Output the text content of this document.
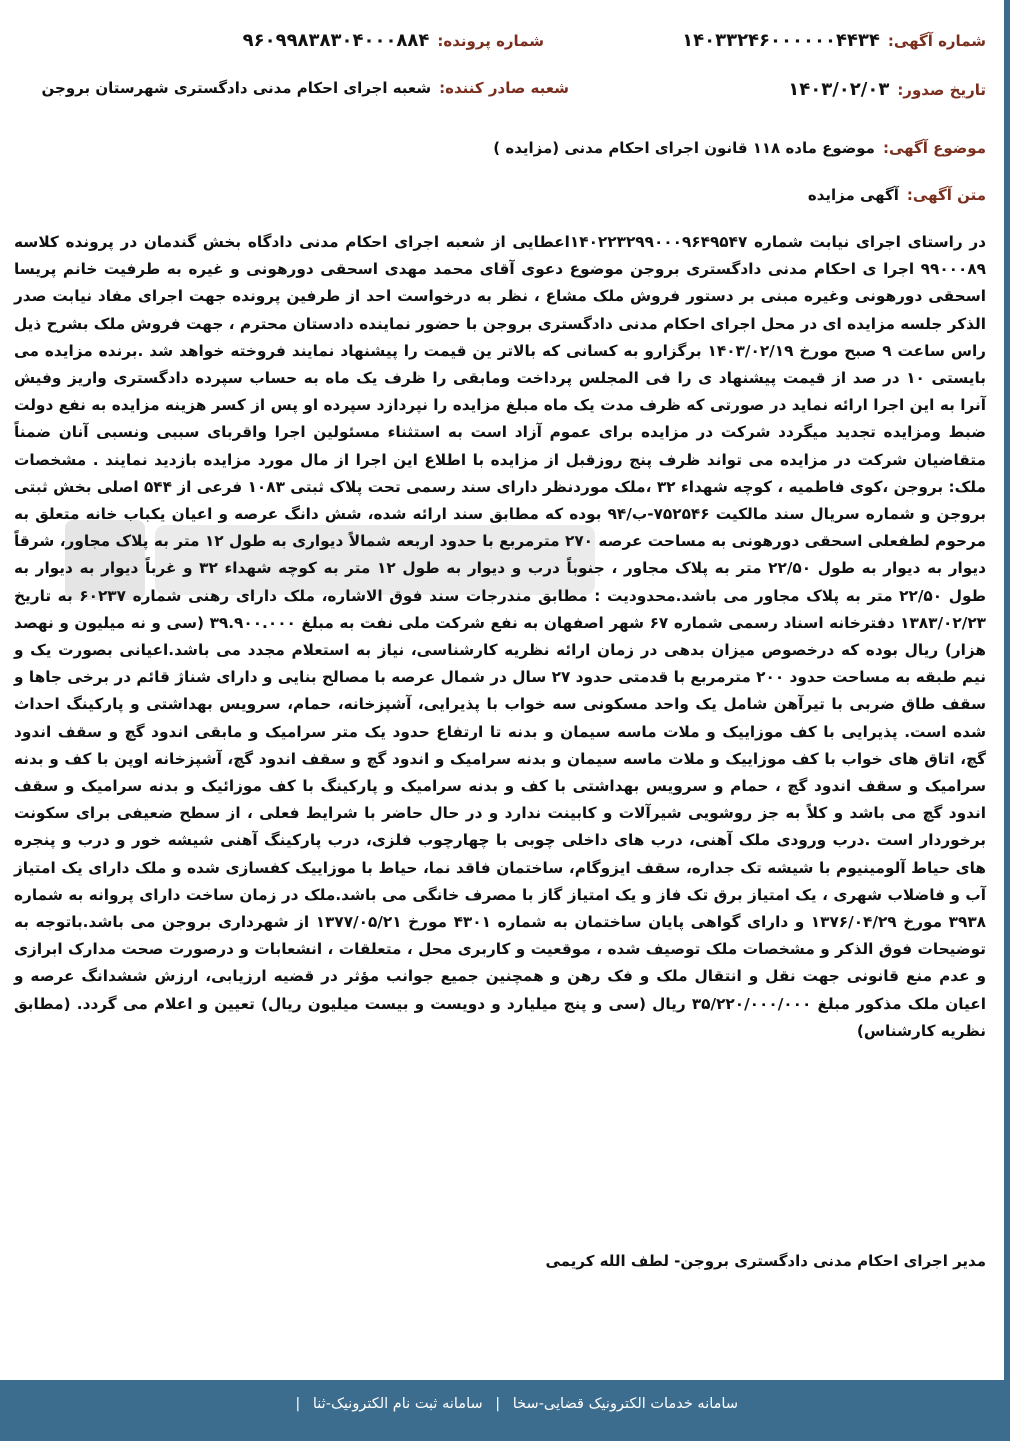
شماره آگهی:
۱۴۰۳۳۲۴۶۰۰۰۰۰۰۴۴۳۴
شماره پرونده:
۹۶۰۹۹۸۳۸۳۰۴۰۰۰۸۸۴
تاریخ صدور:
۱۴۰۳/۰۲/۰۳
شعبه صادر کننده:
شعبه اجرای احکام مدنی دادگستری شهرستان بروجن
موضوع آگهی:
موضوع ماده ۱۱۸ قانون اجرای احکام مدنی (مزایده )
متن آگهی:
آگهی مزایده

در راستای اجرای نیابت شماره ۱۴۰۲۲۳۲۹۹۰۰۰۹۶۴۹۵۴۷اعطایی از شعبه اجرای احکام مدنی دادگاه بخش گندمان در پرونده کلاسه ۹۹۰۰۰۸۹ اجرا ی احکام مدنی دادگستری بروجن موضوع دعوی آقای محمد مهدی اسحقی دورهونی و غیره به طرفیت خانم پریسا اسحقی دورهونی وغیره مبنی بر دستور فروش ملک مشاع ، نظر به درخواست احد از طرفین پرونده جهت اجرای مفاد نیابت صدر الذکر جلسه مزایده ای در محل اجرای احکام مدنی دادگستری بروجن با حضور نماینده دادستان محترم ، جهت فروش ملک بشرح ذیل راس ساعت ۹ صبح مورخ ۱۴۰۳/۰۲/۱۹ برگزارو به کسانی که بالاتر ین قیمت را پیشنهاد نمایند فروخته خواهد شد .برنده مزایده می بایستی ۱۰ در صد از قیمت پیشنهاد ی را فی المجلس پرداخت ومابقی را ظرف یک ماه به حساب سپرده دادگستری واریز وفیش آنرا به این اجرا ارائه نماید در صورتی که ظرف مدت یک ماه مبلغ مزایده را نپردازد سپرده او پس از کسر هزینه مزایده به نفع دولت ضبط ومزایده تجدید میگردد شرکت در مزایده برای عموم آزاد است به استثناء مسئولین اجرا واقربای سببی ونسبی آنان ضمناً متقاضیان شرکت در مزایده می تواند ظرف پنج روزقبل از مزایده با اطلاع این اجرا از مال مورد مزایده بازدید نمایند . مشخصات ملک: بروجن ،کوی فاطمیه ، کوچه شهداء ۳۲ ،ملک موردنظر دارای سند رسمی تحت پلاک ثبتی ۱۰۸۳ فرعی از ۵۴۴ اصلی بخش ثبتی بروجن و شماره سریال سند مالکیت ۷۵۲۵۴۶-ب/۹۴ بوده که مطابق سند ارائه شده، شش دانگ عرصه و اعیان یکباب خانه متعلق به مرحوم لطفعلی اسحقی دورهونی به مساحت عرصه ۲۷۰ مترمربع با حدود اربعه شمالاً دیواری به طول ۱۲ متر به پلاک مجاور، شرقاً دیوار به دیوار به طول ۲۲/۵۰ متر به پلاک مجاور ، جنوباً درب و دیوار به طول ۱۲ متر به کوچه شهداء ۳۲ و غرباً دیوار به دیوار به طول ۲۲/۵۰ متر به پلاک مجاور می باشد.محدودیت : مطابق مندرجات سند فوق الاشاره، ملک دارای رهنی شماره ۶۰۲۳۷ به تاریخ ۱۳۸۳/۰۲/۲۳ دفترخانه اسناد رسمی شماره ۶۷ شهر اصفهان به نفع شرکت ملی نفت به مبلغ ۳۹.۹۰۰.۰۰۰ (سی و نه میلیون و نهصد هزار) ریال بوده که درخصوص میزان بدهی در زمان ارائه نظریه کارشناسی، نیاز به استعلام مجدد می باشد.اعیانی بصورت یک و نیم طبقه به مساحت حدود ۲۰۰ مترمربع با قدمتی حدود ۲۷ سال در شمال عرصه با مصالح بنایی و دارای شناژ قائم در برخی جاها و سقف طاق ضربی با تیرآهن شامل یک واحد مسکونی سه خواب با پذیرایی، آشپزخانه، حمام، سرویس بهداشتی و پارکینگ احداث شده است. پذیرایی با کف موزاییک و ملات ماسه سیمان و بدنه تا ارتفاع حدود یک متر سرامیک و مابقی اندود گچ و سقف اندود گچ، اتاق های خواب با کف موزاییک و ملات ماسه سیمان و بدنه سرامیک و اندود گچ و سقف اندود گچ، آشپزخانه اوپن با کف و بدنه سرامیک و سقف اندود گچ ، حمام و سرویس بهداشتی با کف و بدنه سرامیک و پارکینگ با کف موزائیک و بدنه سرامیک و سقف اندود گچ می باشد و کلاً به جز روشویی شیرآلات و کابینت ندارد و در حال حاضر با شرایط فعلی ، از سطح ضعیفی برای سکونت برخوردار است .درب ورودی ملک آهنی، درب های داخلی چوبی با چهارچوب فلزی، درب پارکینگ آهنی شیشه خور و درب و پنجره های حیاط آلومینیوم با شیشه تک جداره، سقف ایزوگام، ساختمان فاقد نما، حیاط با موزاییک کفسازی شده و ملک دارای یک امتیاز آب و فاضلاب شهری ، یک امتیاز برق تک فاز و یک امتیاز گاز با مصرف خانگی می باشد.ملک در زمان ساخت دارای پروانه به شماره ۳۹۳۸ مورخ ۱۳۷۶/۰۴/۲۹ و دارای گواهی پایان ساختمان به شماره ۴۳۰۱ مورخ ۱۳۷۷/۰۵/۲۱ از شهرداری بروجن می باشد.باتوجه به توضیحات فوق الذکر و مشخصات ملک توصیف شده ، موقعیت و کاربری محل ، متعلقات ، انشعابات و درصورت صحت مدارک ابرازی و عدم منع قانونی جهت نقل و انتقال ملک و فک رهن و همچنین جمیع جوانب مؤثر در قضیه ارزیابی، ارزش ششدانگ عرصه و اعیان ملک مذکور مبلغ ۳۵/۲۲۰/۰۰۰/۰۰۰ ریال (سی و پنج میلیارد و دویست و بیست میلیون ریال) تعیین و اعلام می گردد. (مطابق نظریه کارشناس)

مدیر اجرای احکام مدنی دادگستری بروجن- لطف الله کریمی
سامانه خدمات الکترونیک قضایی-سخا | سامانه ثبت نام الکترونیک-ثنا |
